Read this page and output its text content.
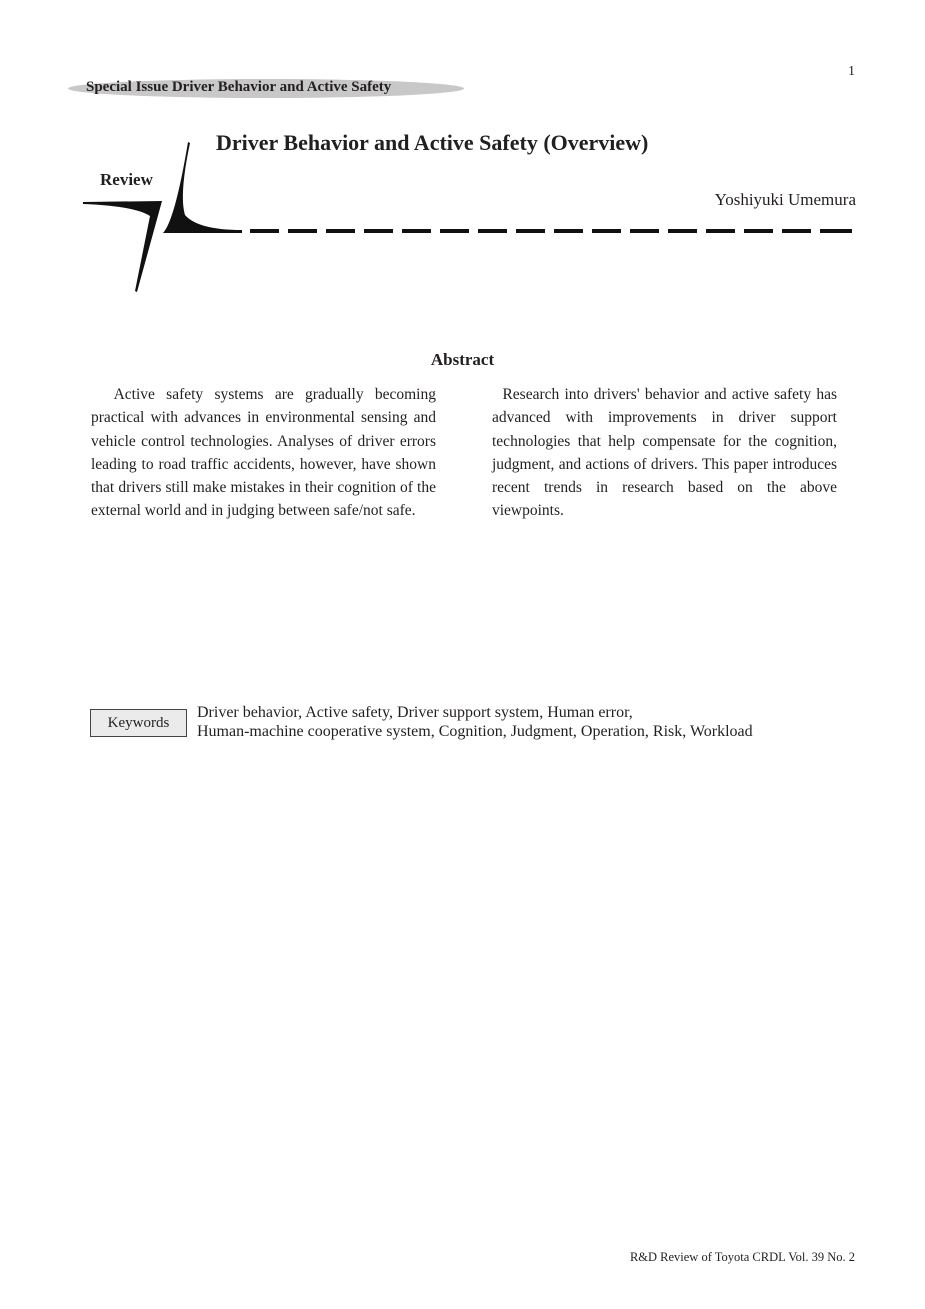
1
Special Issue Driver Behavior and Active Safety
Review
Driver Behavior and Active Safety (Overview)
Yoshiyuki Umemura
Abstract
Active safety systems are gradually becoming practical with advances in environmental sensing and vehicle control technologies. Analyses of driver errors leading to road traffic accidents, however, have shown that drivers still make mistakes in their cognition of the external world and in judging between safe/not safe.
Research into drivers' behavior and active safety has advanced with improvements in driver support technologies that help compensate for the cognition, judgment, and actions of drivers. This paper introduces recent trends in research based on the above viewpoints.
Keywords
Driver behavior, Active safety, Driver support system, Human error,
Human-machine cooperative system, Cognition, Judgment, Operation, Risk, Workload
R&D Review of Toyota CRDL Vol. 39 No. 2
